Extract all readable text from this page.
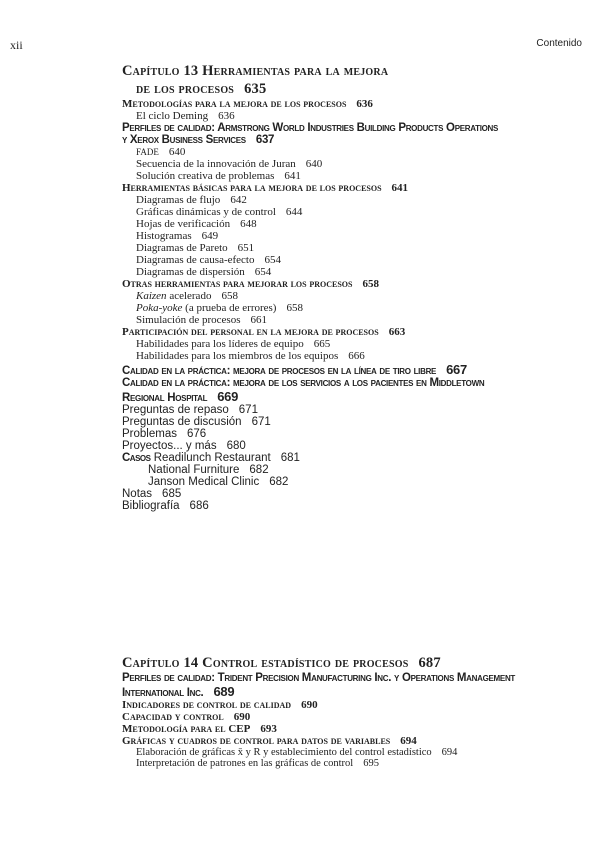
xii	Contenido
Capítulo 13 Herramientas para la mejora
de los procesos 635
Metodologías para la mejora de los procesos 636
El ciclo Deming 636
Perfiles de calidad: Armstrong World Industries Building Products Operations
y Xerox Business Services 637
FADE 640
Secuencia de la innovación de Juran 640
Solución creativa de problemas 641
Herramientas básicas para la mejora de los procesos 641
Diagramas de flujo 642
Gráficas dinámicas y de control 644
Hojas de verificación 648
Histogramas 649
Diagramas de Pareto 651
Diagramas de causa-efecto 654
Diagramas de dispersión 654
Otras herramientas para mejorar los procesos 658
Kaizen acelerado 658
Poka-yoke (a prueba de errores) 658
Simulación de procesos 661
Participación del personal en la mejora de procesos 663
Habilidades para los líderes de equipo 665
Habilidades para los miembros de los equipos 666
Calidad en la práctica: mejora de procesos en la línea de tiro libre 667
Calidad en la práctica: mejora de los servicios a los pacientes en Middletown
Regional Hospital 669
Preguntas de repaso 671
Preguntas de discusión 671
Problemas 676
Proyectos... y más 680
Casos Readilunch Restaurant 681
National Furniture 682
Janson Medical Clinic 682
Notas 685
Bibliografía 686
Capítulo 14 Control estadístico de procesos 687
Perfiles de calidad: Trident Precision Manufacturing Inc. y Operations Management
International Inc. 689
Indicadores de control de calidad 690
Capacidad y control 690
Metodología para el CEP 693
Gráficas y cuadros de control para datos de variables 694
Elaboración de gráficas x̄ y R y establecimiento del control estadístico 694
Interpretación de patrones en las gráficas de control 695
